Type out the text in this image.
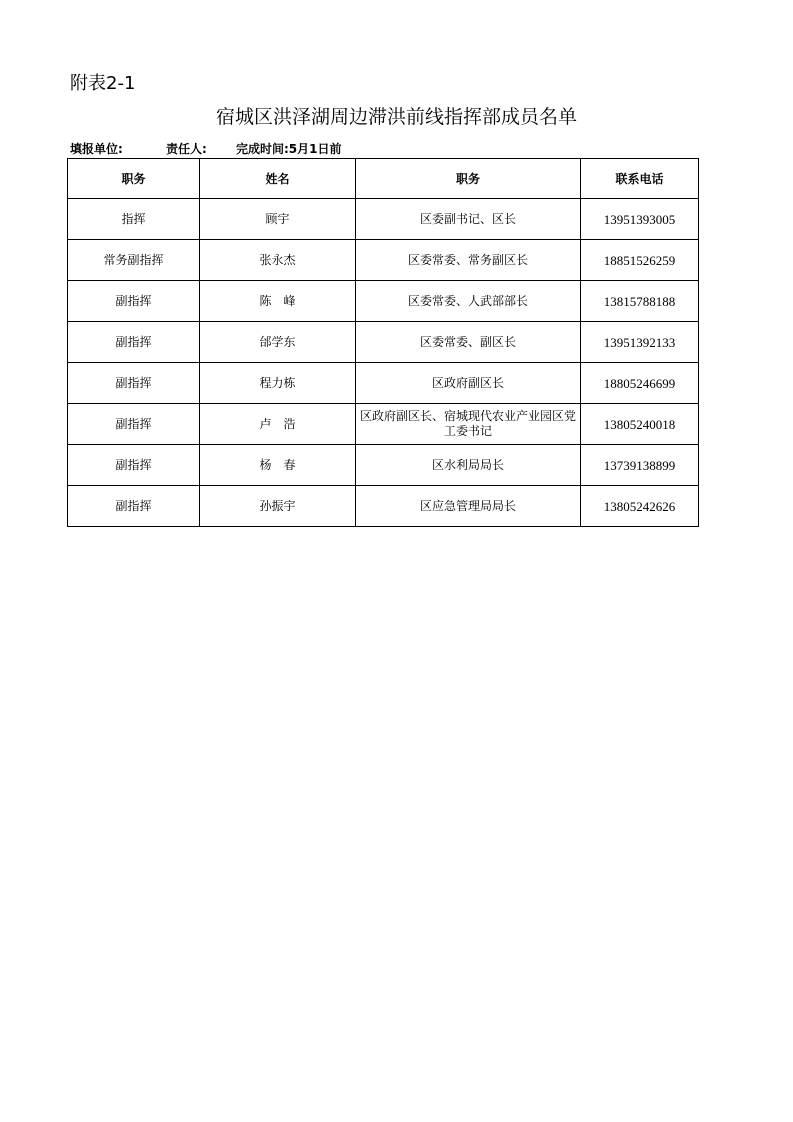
附表2-1
宿城区洪泽湖周边滞洪前线指挥部成员名单
填报单位:	责任人: 完成时间:5月1日前
职务	姓名	职务	联系电话
指挥	顾宇	区委副书记、区长	13951393005
常务副指挥	张永杰	区委常委、常务副区长	18851526259
副指挥	陈　峰	区委常委、人武部部长	13815788188
副指挥	邰学东	区委常委、副区长	13951392133
副指挥	程力栋	区政府副区长	18805246699
副指挥	卢　浩	区政府副区长、宿城现代农业产业园区党工委书记	13805240018
副指挥	杨　春	区水利局局长	13739138899
副指挥	孙振宇	区应急管理局局长	13805242626
